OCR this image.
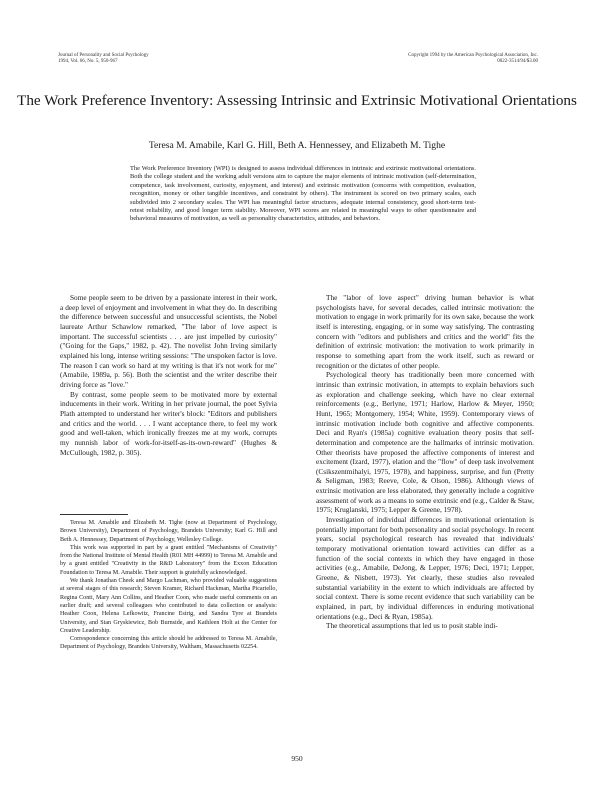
Journal of Personality and Social Psychology
1994, Vol. 66, No. 5, 950-967
Copyright 1994 by the American Psychological Association, Inc.
0022-3514/94/$3.00
The Work Preference Inventory: Assessing Intrinsic and Extrinsic Motivational Orientations
Teresa M. Amabile, Karl G. Hill, Beth A. Hennessey, and Elizabeth M. Tighe

The Work Preference Inventory (WPI) is designed to assess individual differences in intrinsic and extrinsic motivational orientations. Both the college student and the working adult versions aim to capture the major elements of intrinsic motivation (self-determination, competence, task involvement, curiosity, enjoyment, and interest) and extrinsic motivation (concerns with competition, evaluation, recognition, money or other tangible incentives, and constraint by others). The instrument is scored on two primary scales, each subdivided into 2 secondary scales. The WPI has meaningful factor structures, adequate internal consistency, good short-term test-retest reliability, and good longer term stability. Moreover, WPI scores are related in meaningful ways to other questionnaire and behavioral measures of motivation, as well as personality characteristics, attitudes, and behaviors.

Some people seem to be driven by a passionate interest in their work, a deep level of enjoyment and involvement in what they do. In describing the difference between successful and unsuccessful scientists, the Nobel laureate Arthur Schawlow remarked, "The labor of love aspect is important. The successful scientists . . . are just impelled by curiosity" ("Going for the Gaps," 1982, p. 42). The novelist John Irving similarly explained his long, intense writing sessions: "The unspoken factor is love. The reason I can work so hard at my writing is that it's not work for me" (Amabile, 1989a, p. 56). Both the scientist and the writer describe their driving force as "love."

By contrast, some people seem to be motivated more by external inducements in their work. Writing in her private journal, the poet Sylvia Plath attempted to understand her writer's block: "Editors and publishers and critics and the world. . . . I want acceptance there, to feel my work good and well-taken, which ironically freezes me at my work, corrupts my nunnish labor of work-for-itself-as-its-own-reward" (Hughes & McCullough, 1982, p. 305).

Teresa M. Amabile and Elizabeth M. Tighe (now at Department of Psychology, Brown University), Department of Psychology, Brandeis University; Karl G. Hill and Beth A. Hennessey, Department of Psychology, Wellesley College.

This work was supported in part by a grant entitled "Mechanisms of Creativity" from the National Institute of Mental Health (R01 MH 44999) to Teresa M. Amabile and by a grant entitled "Creativity in the R&D Laboratory" from the Exxon Education Foundation to Teresa M. Amabile. Their support is gratefully acknowledged.

We thank Jonathan Cheek and Margo Lachman, who provided valuable suggestions at several stages of this research; Steven Kramer, Richard Hackman, Martha Picariello, Regina Conti, Mary Ann Collins, and Heather Coon, who made useful comments on an earlier draft; and several colleagues who contributed to data collection or analysis: Heather Coon, Helena Lefkowitz, Francine Estrig, and Sandra Tyre at Brandeis University, and Stan Gryskiewicz, Bob Burnside, and Kathleen Holt at the Center for Creative Leadership.

Correspondence concerning this article should be addressed to Teresa M. Amabile, Department of Psychology, Brandeis University, Waltham, Massachusetts 02254.

The "labor of love aspect" driving human behavior is what psychologists have, for several decades, called intrinsic motivation: the motivation to engage in work primarily for its own sake, because the work itself is interesting, engaging, or in some way satisfying. The contrasting concern with "editors and publishers and critics and the world" fits the definition of extrinsic motivation: the motivation to work primarily in response to something apart from the work itself, such as reward or recognition or the dictates of other people.

Psychological theory has traditionally been more concerned with intrinsic than extrinsic motivation, in attempts to explain behaviors such as exploration and challenge seeking, which have no clear external reinforcements (e.g., Berlyne, 1971; Harlow, Harlow & Meyer, 1950; Hunt, 1965; Montgomery, 1954; White, 1959). Contemporary views of intrinsic motivation include both cognitive and affective components. Deci and Ryan's (1985a) cognitive evaluation theory posits that self-determination and competence are the hallmarks of intrinsic motivation. Other theorists have proposed the affective components of interest and excitement (Izard, 1977), elation and the "flow" of deep task involvement (Csikszentmihalyi, 1975, 1978), and happiness, surprise, and fun (Pretty & Seligman, 1983; Reeve, Cole, & Olson, 1986). Although views of extrinsic motivation are less elaborated, they generally include a cognitive assessment of work as a means to some extrinsic end (e.g., Calder & Staw, 1975; Kruglanski, 1975; Lepper & Greene, 1978).

Investigation of individual differences in motivational orientation is potentially important for both personality and social psychology. In recent years, social psychological research has revealed that individuals' temporary motivational orientation toward activities can differ as a function of the social contexts in which they have engaged in those activities (e.g., Amabile, DeJong, & Lepper, 1976; Deci, 1971; Lepper, Greene, & Nisbett, 1973). Yet clearly, these studies also revealed substantial variability in the extent to which individuals are affected by social context. There is some recent evidence that such variability can be explained, in part, by individual differences in enduring motivational orientations (e.g., Deci & Ryan, 1985a).

The theoretical assumptions that led us to posit stable indi-

950
